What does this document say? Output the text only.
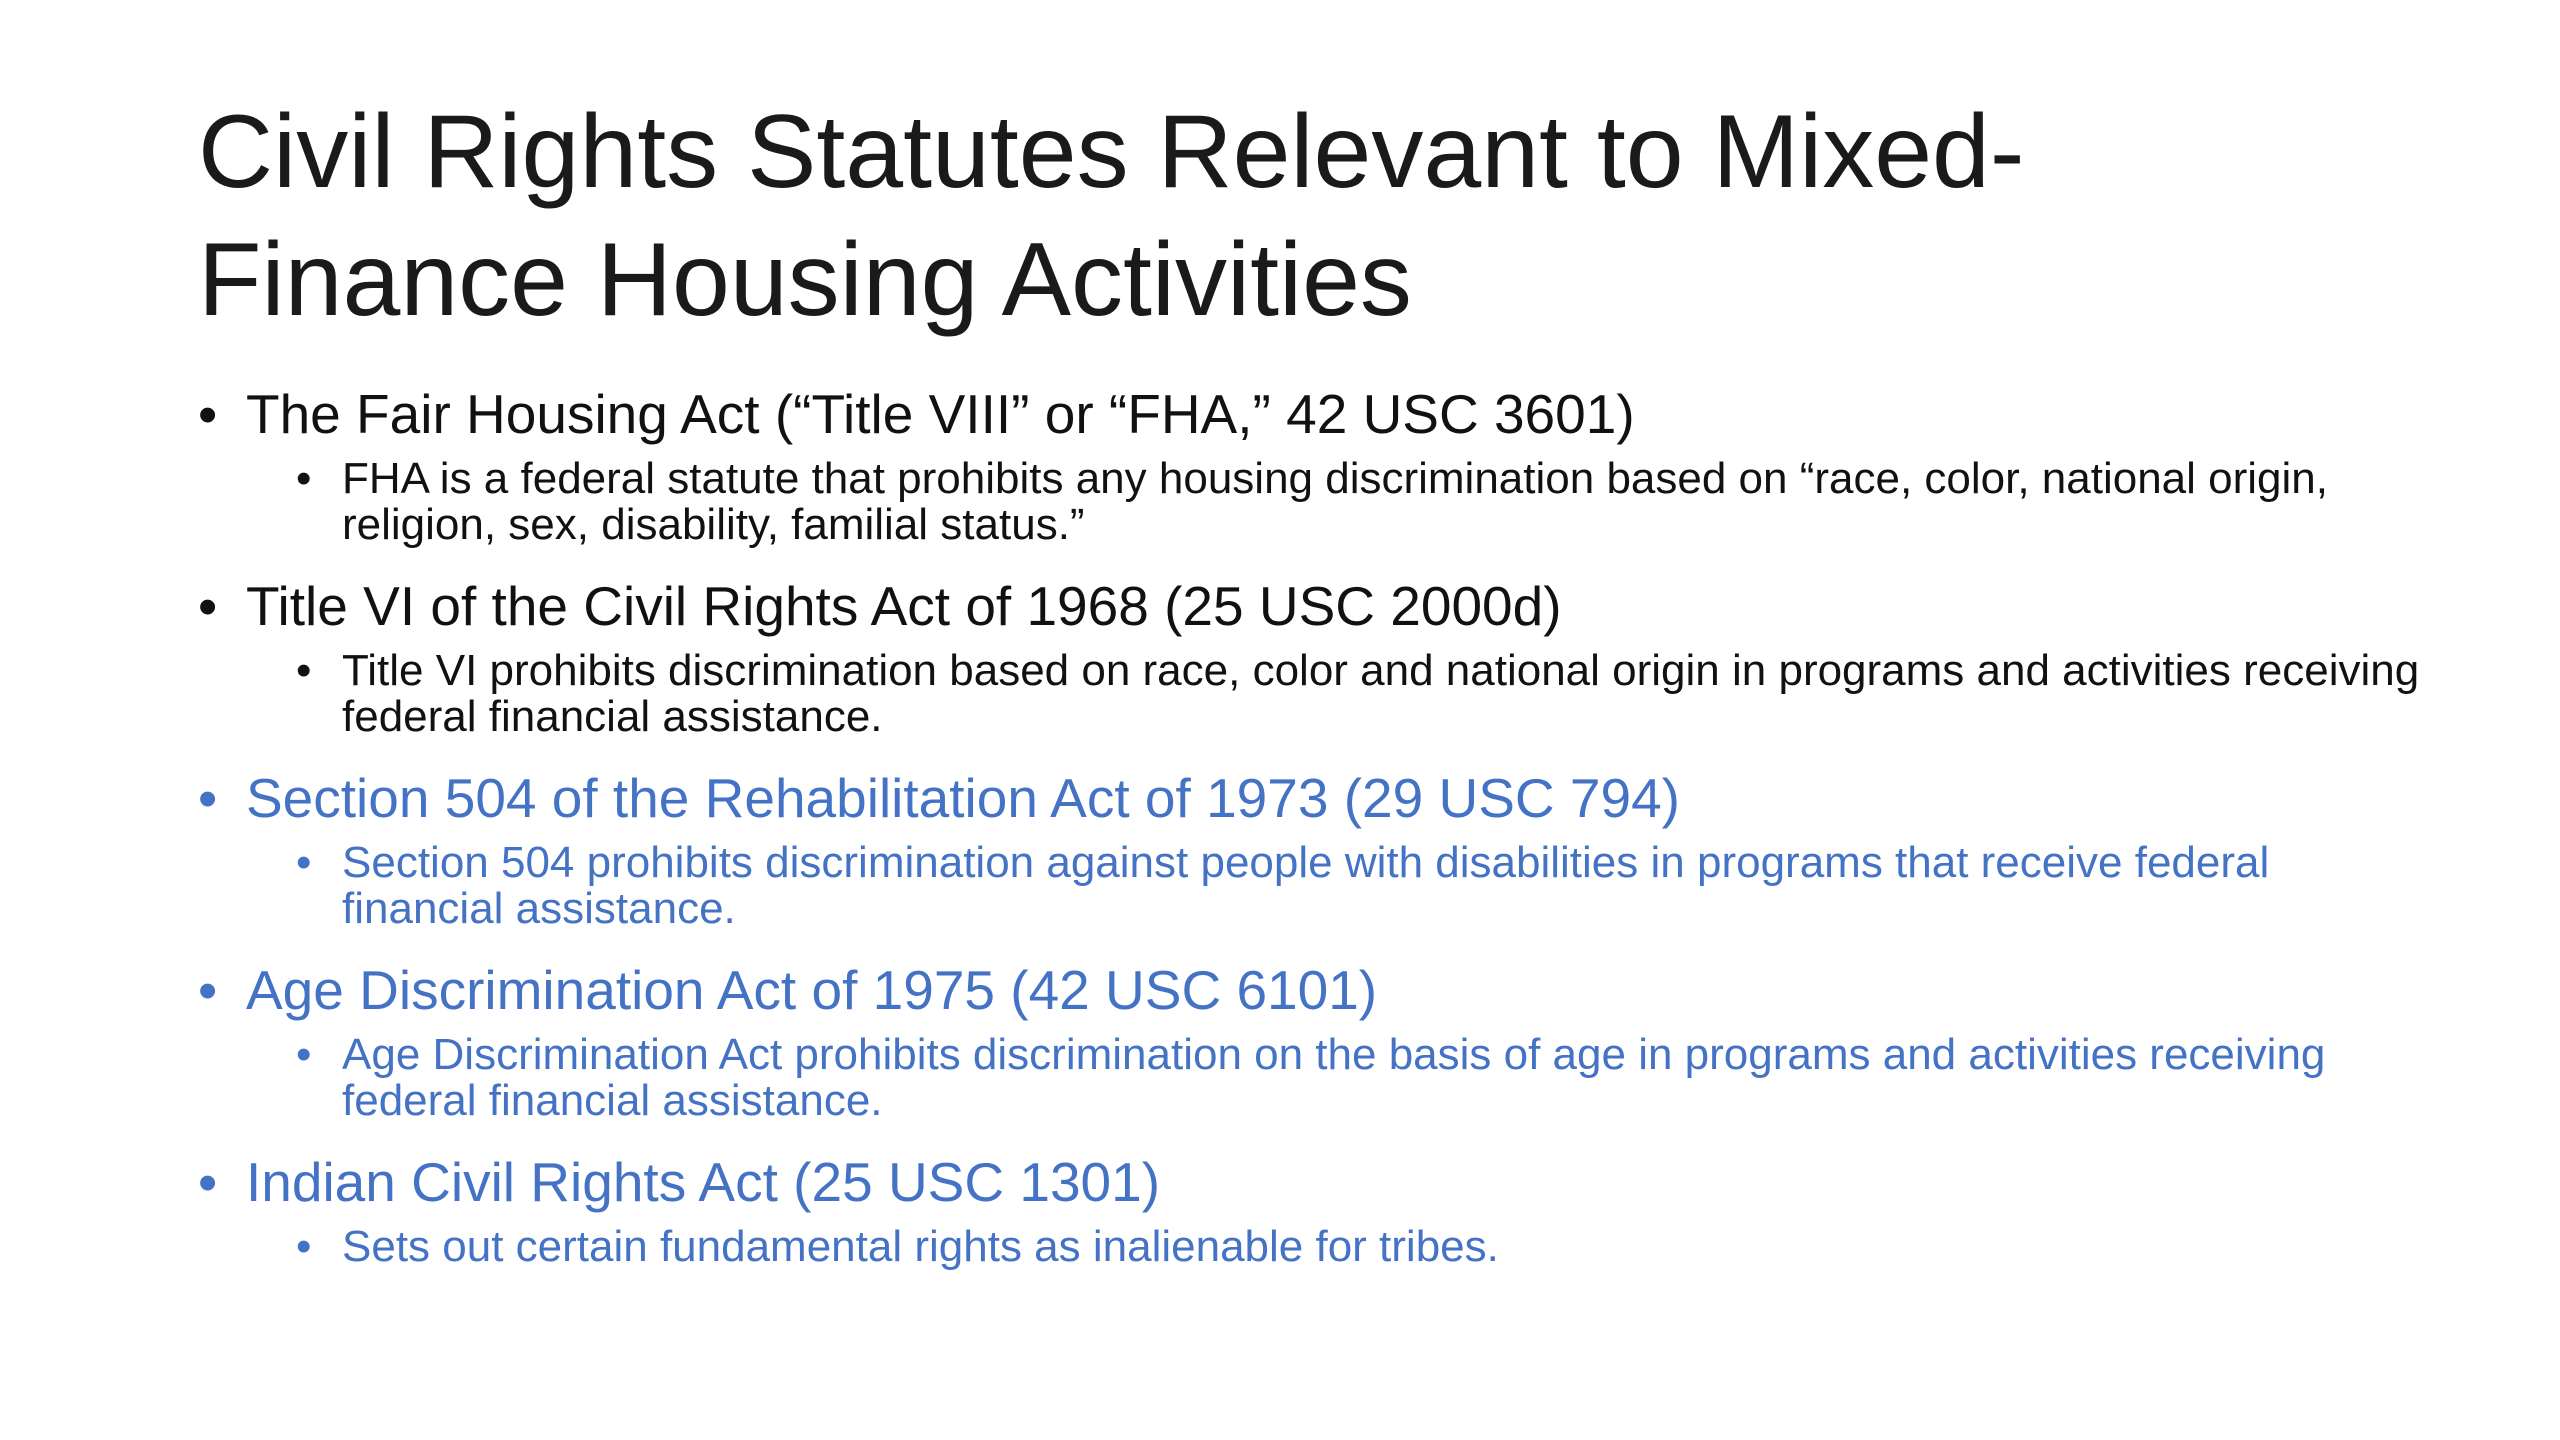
Civil Rights Statutes Relevant to Mixed-
Finance Housing Activities
• The Fair Housing Act (“Title VIII” or “FHA,” 42 USC 3601)
• FHA is a federal statute that prohibits any housing discrimination based on “race, color, national origin, religion, sex, disability, familial status.”
• Title VI of the Civil Rights Act of 1968 (25 USC 2000d)
• Title VI prohibits discrimination based on race, color and national origin in programs and activities receiving federal financial assistance.
• Section 504 of the Rehabilitation Act of 1973 (29 USC 794)
• Section 504 prohibits discrimination against people with disabilities in programs that receive federal financial assistance.
• Age Discrimination Act of 1975 (42 USC 6101)
• Age Discrimination Act prohibits discrimination on the basis of age in programs and activities receiving federal financial assistance.
• Indian Civil Rights Act (25 USC 1301)
• Sets out certain fundamental rights as inalienable for tribes.
